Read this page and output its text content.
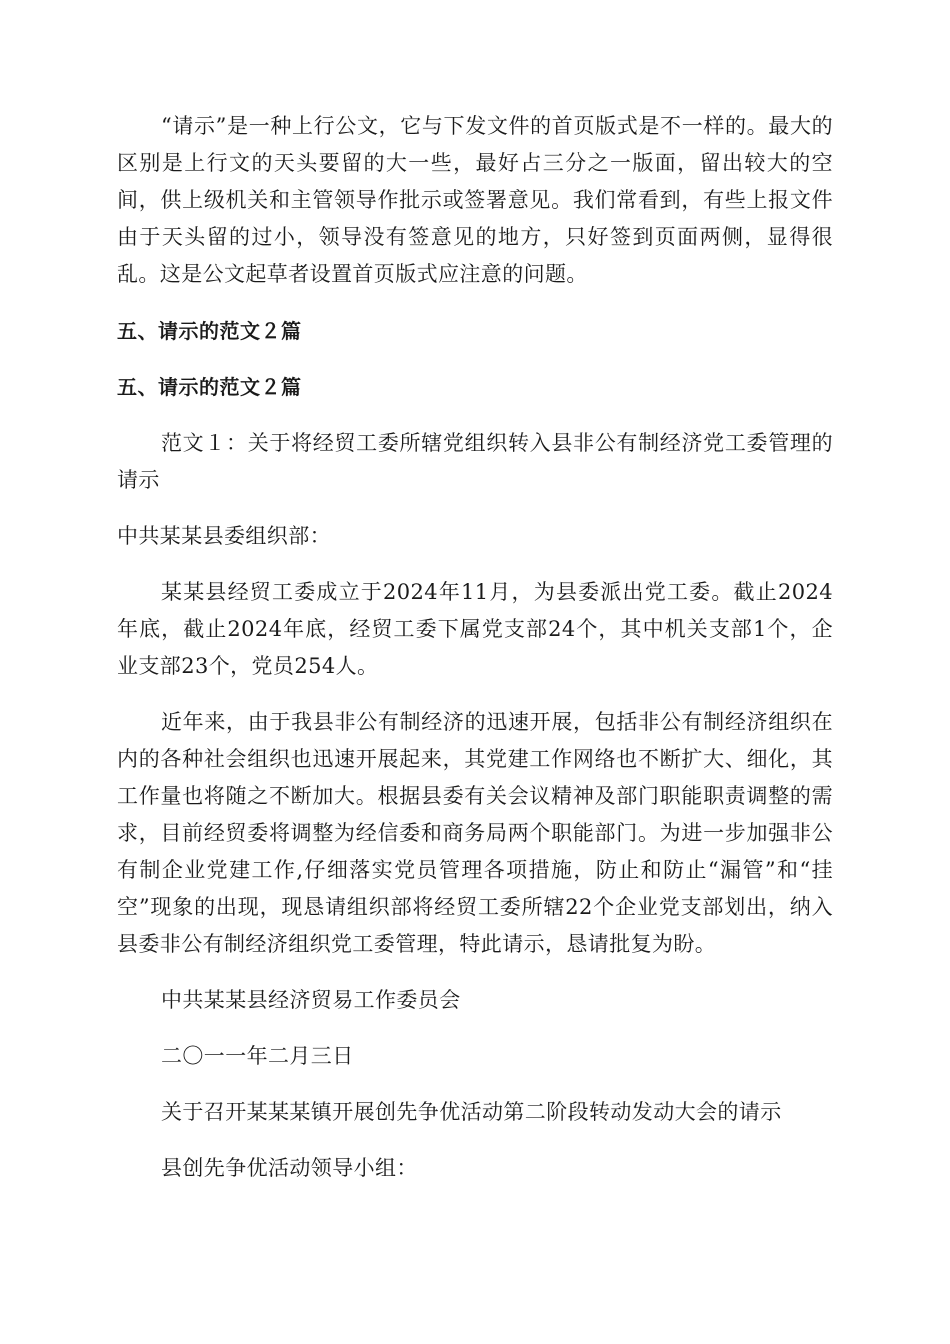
“请示”是一种上行公文，它与下发文件的首页版式是不一样的。最大的区别是上行文的天头要留的大一些，最好占三分之一版面，留出较大的空间，供上级机关和主管领导作批示或签署意见。我们常看到，有些上报文件由于天头留的过小，领导没有签意见的地方，只好签到页面两侧，显得很乱。这是公文起草者设置首页版式应注意的问题。

五、请示的范文２篇

五、请示的范文２篇

范文１：关于将经贸工委所辖党组织转入县非公有制经济党工委管理的请示

中共某某县委组织部：

某某县经贸工委成立于2024年11月，为县委派出党工委。截止2024年底，截止2024年底，经贸工委下属党支部24个，其中机关支部1个，企业支部23个，党员254人。

近年来，由于我县非公有制经济的迅速开展，包括非公有制经济组织在内的各种社会组织也迅速开展起来，其党建工作网络也不断扩大、细化，其工作量也将随之不断加大。根据县委有关会议精神及部门职能职责调整的需求，目前经贸委将调整为经信委和商务局两个职能部门。为进一步加强非公有制企业党建工作,仔细落实党员管理各项措施，防止和防止“漏管”和“挂空”现象的出现，现恳请组织部将经贸工委所辖22个企业党支部划出，纳入县委非公有制经济组织党工委管理，特此请示，恳请批复为盼。

中共某某县经济贸易工作委员会

二〇一一年二月三日

关于召开某某某镇开展创先争优活动第二阶段转动发动大会的请示

县创先争优活动领导小组：
